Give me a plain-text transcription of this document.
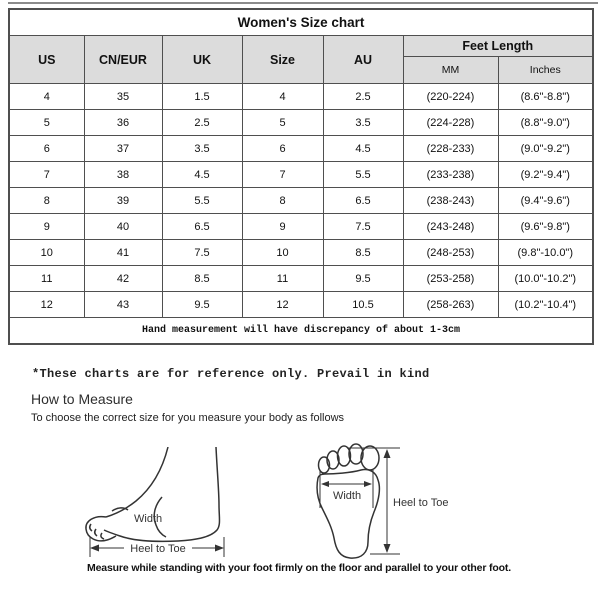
Women's Size chart						
US	CN/EUR	UK	Size	AU	Feet Length	
					MM	Inches
4	35	1.5	4	2.5	(220-224)	(8.6"-8.8")
5	36	2.5	5	3.5	(224-228)	(8.8"-9.0")
6	37	3.5	6	4.5	(228-233)	(9.0"-9.2")
7	38	4.5	7	5.5	(233-238)	(9.2"-9.4")
8	39	5.5	8	6.5	(238-243)	(9.4"-9.6")
9	40	6.5	9	7.5	(243-248)	(9.6"-9.8")
10	41	7.5	10	8.5	(248-253)	(9.8"-10.0")
11	42	8.5	11	9.5	(253-258)	(10.0"-10.2")
12	43	9.5	12	10.5	(258-263)	(10.2"-10.4")
Hand measurement will have discrepancy of about 1-3cm						
*These charts are for reference only. Prevail in kind
How to Measure
To choose the correct size for you measure your body as follows
Heel to Toe
Width
Width
Heel to Toe
Measure while standing with your foot firmly on the floor and parallel to your other foot.
